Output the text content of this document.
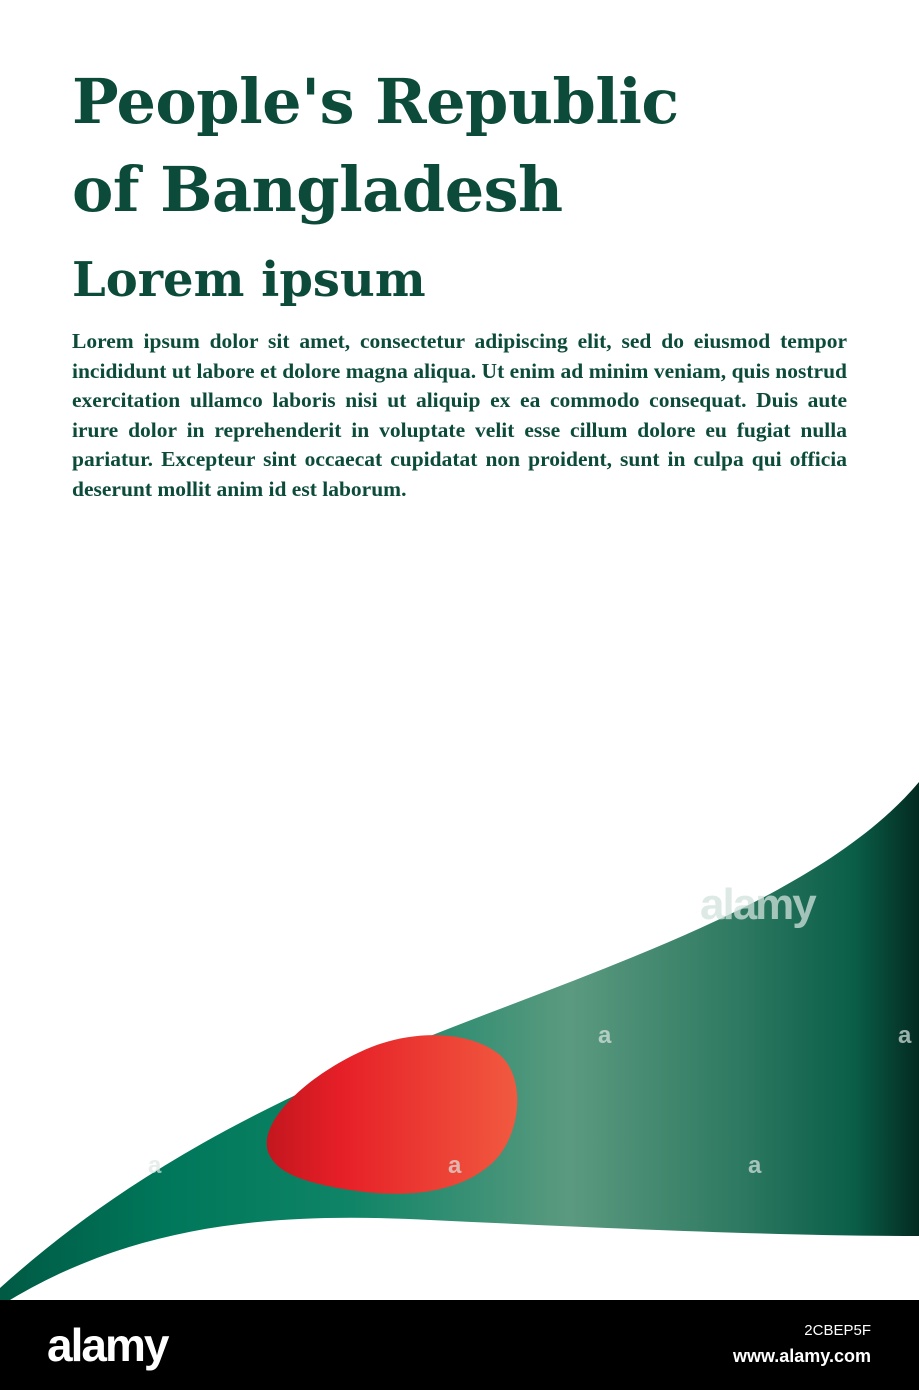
People's Republic
of Bangladesh
Lorem ipsum

Lorem ipsum dolor sit amet, consectetur adipiscing elit, sed do eiusmod tempor incididunt ut labore et dolore magna aliqua. Ut enim ad minim veniam, quis nostrud exercitation ullamco laboris nisi ut aliquip ex ea commodo consequat. Duis aute irure dolor in reprehenderit in voluptate velit esse cillum dolore eu fugiat nulla pariatur. Excepteur sint occaecat cupidatat non proident, sunt in culpa qui officia deserunt mollit anim id est laborum.

alamy
a	a
a	a	a
alamy	2CBEP5F
www.alamy.com
